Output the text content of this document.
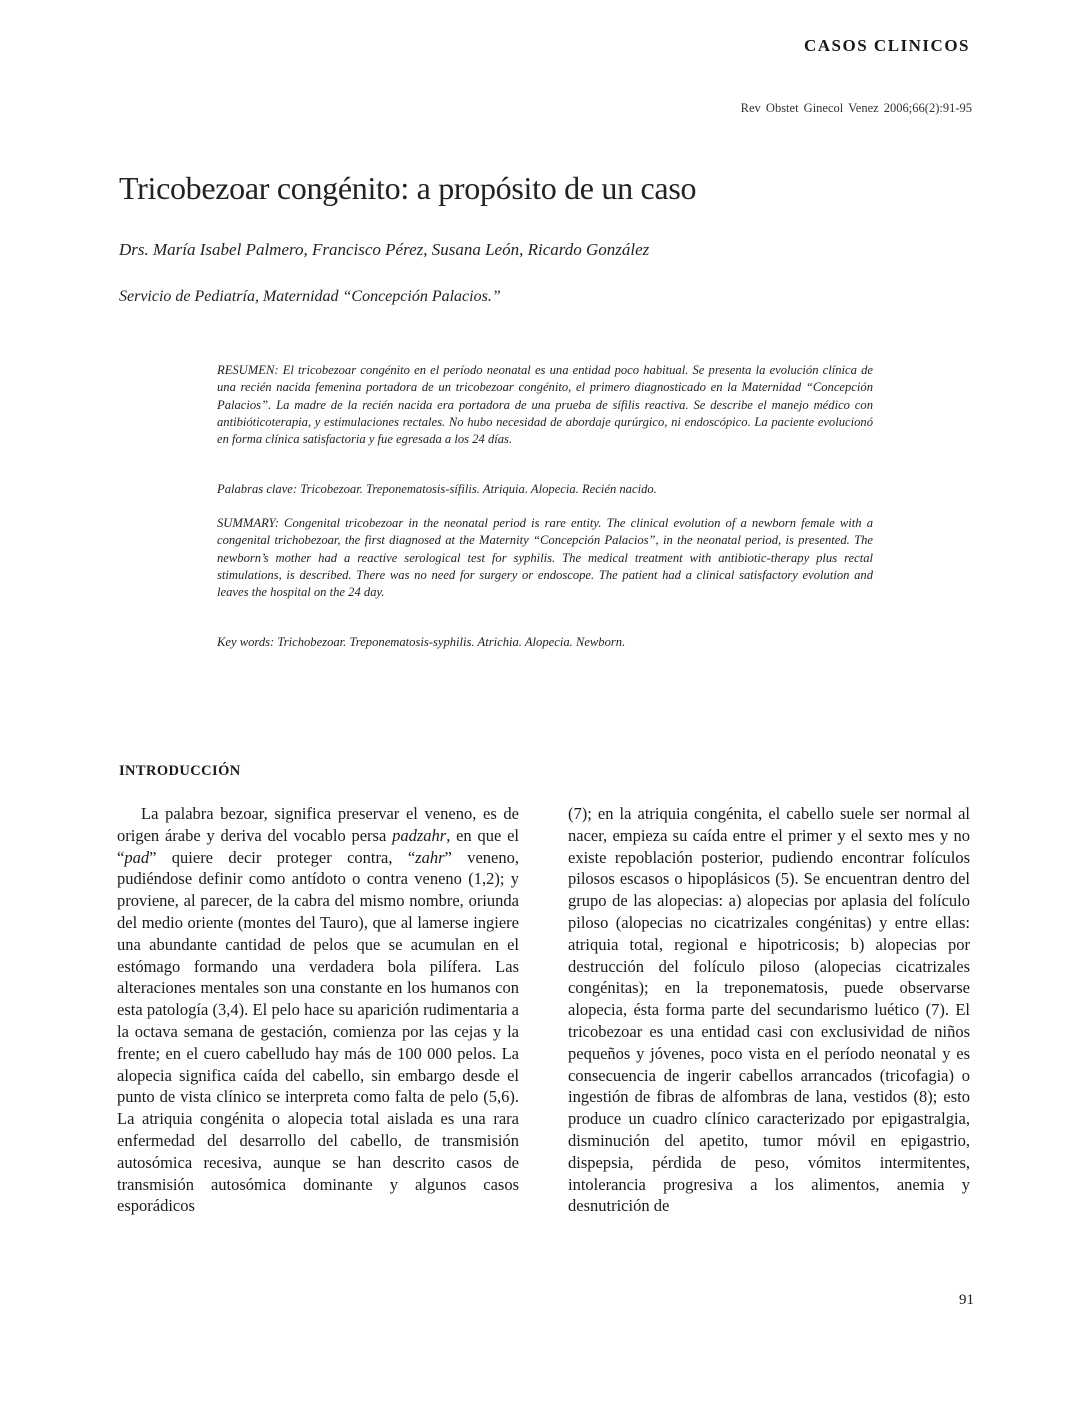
CASOS CLINICOS
Rev Obstet Ginecol Venez 2006;66(2):91-95
Tricobezoar congénito: a propósito de un caso
Drs. María Isabel Palmero, Francisco Pérez, Susana León, Ricardo González
Servicio de Pediatría, Maternidad “Concepción Palacios.”
RESUMEN: El tricobezoar congénito en el período neonatal es una entidad poco habitual. Se presenta la evolución clínica de una recién nacida femenina portadora de un tricobezoar congénito, el primero diagnosticado en la Maternidad “Concepción Palacios”. La madre de la recién nacida era portadora de una prueba de sífilis reactiva. Se describe el manejo médico con antibióticoterapia, y estimulaciones rectales. No hubo necesidad de abordaje qurúrgico, ni endoscópico. La paciente evolucionó en forma clínica satisfactoria y fue egresada a los 24 días.
Palabras clave: Tricobezoar. Treponematosis-sífilis. Atriquia. Alopecia. Recién nacido.
SUMMARY: Congenital tricobezoar in the neonatal period is rare entity. The clinical evolution of a newborn female with a congenital trichobezoar, the first diagnosed at the Maternity “Concepción Palacios”, in the neonatal period, is presented. The newborn’s mother had a reactive serological test for syphilis. The medical treatment with antibiotic-therapy plus rectal stimulations, is described. There was no need for surgery or endoscope. The patient had a clinical satisfactory evolution and leaves the hospital on the 24 day.
Key words: Trichobezoar. Treponematosis-syphilis. Atrichia. Alopecia. Newborn.
INTRODUCCIÓN
La palabra bezoar, significa preservar el veneno, es de origen árabe y deriva del vocablo persa padzahr, en que el “pad” quiere decir proteger contra, “zahr” veneno, pudiéndose definir como antídoto o contra veneno (1,2); y proviene, al parecer, de la cabra del mismo nombre, oriunda del medio oriente (montes del Tauro), que al lamerse ingiere una abundante cantidad de pelos que se acumulan en el estómago formando una verdadera bola pilífera. Las alteraciones mentales son una constante en los humanos con esta patología (3,4). El pelo hace su aparición rudimentaria a la octava semana de gestación, comienza por las cejas y la frente; en el cuero cabelludo hay más de 100 000 pelos. La alopecia significa caída del cabello, sin embargo desde el punto de vista clínico se interpreta como falta de pelo (5,6). La atriquia congénita o alopecia total aislada es una rara enfermedad del desarrollo del cabello, de transmisión autosómica recesiva, aunque se han descrito casos de transmisión autosómica dominante y algunos casos esporádicos
(7); en la atriquia congénita, el cabello suele ser normal al nacer, empieza su caída entre el primer y el sexto mes y no existe repoblación posterior, pudiendo encontrar folículos pilosos escasos o hipoplásicos (5). Se encuentran dentro del grupo de las alopecias: a) alopecias por aplasia del folículo piloso (alopecias no cicatrizales congénitas) y entre ellas: atriquia total, regional e hipotricosis; b) alopecias por destrucción del folículo piloso (alopecias cicatrizales congénitas); en la treponematosis, puede observarse alopecia, ésta forma parte del secundarismo luético (7). El tricobezoar es una entidad casi con exclusividad de niños pequeños y jóvenes, poco vista en el período neonatal y es consecuencia de ingerir cabellos arrancados (tricofagia) o ingestión de fibras de alfombras de lana, vestidos (8); esto produce un cuadro clínico caracterizado por epigastralgia, disminución del apetito, tumor móvil en epigastrio, dispepsia, pérdida de peso, vómitos intermitentes, intolerancia progresiva a los alimentos, anemia y desnutrición de
91
